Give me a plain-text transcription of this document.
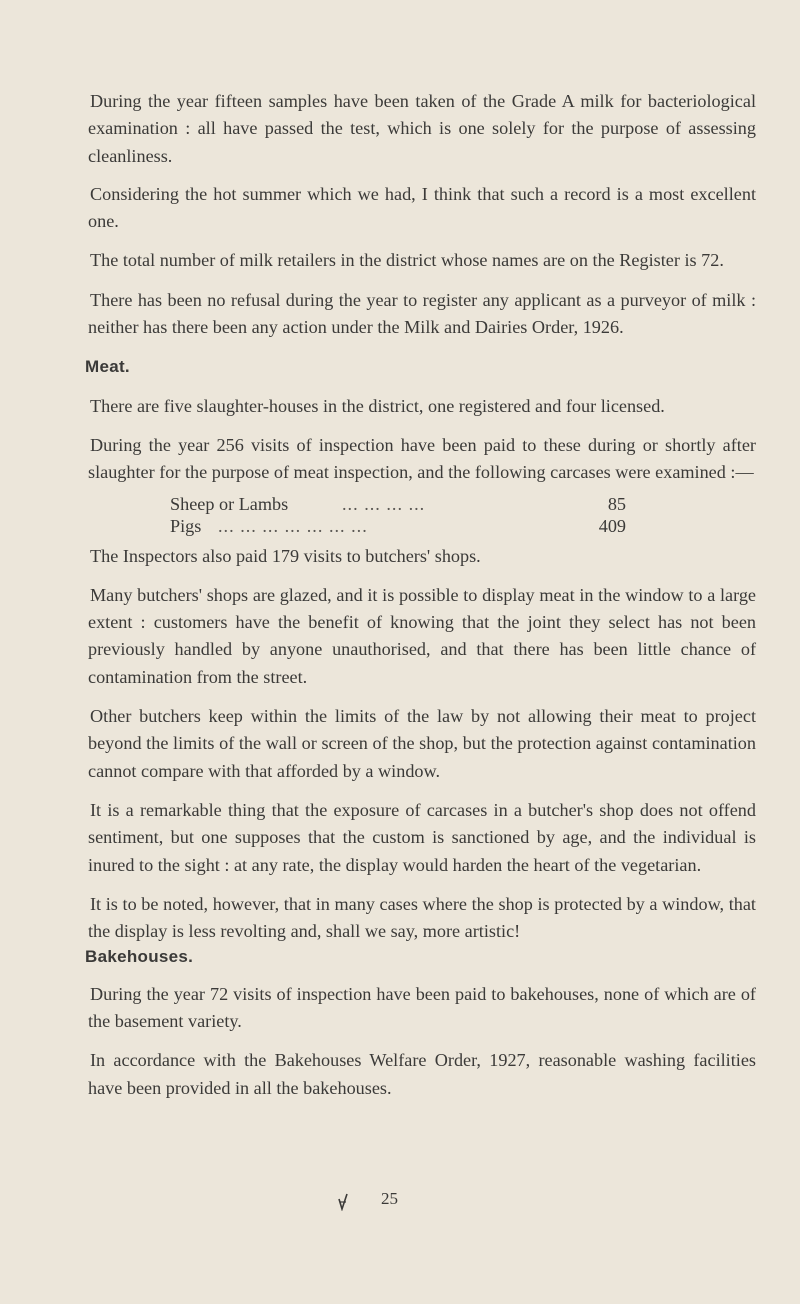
During the year fifteen samples have been taken of the Grade A milk for bacteriological examination : all have passed the test, which is one solely for the purpose of assessing cleanliness.

Considering the hot summer which we had, I think that such a record is a most excellent one.

The total number of milk retailers in the district whose names are on the Register is 72.

There has been no refusal during the year to register any applicant as a purveyor of milk : neither has there been any action under the Milk and Dairies Order, 1926.

Meat.

There are five slaughter-houses in the district, one registered and four licensed.

During the year 256 visits of inspection have been paid to these during or shortly after slaughter for the purpose of meat inspection, and the following carcases were examined :—

Sheep or Lambs	... ... ... ...	85
Pigs ... ... ... ... ... ... ...	409

The Inspectors also paid 179 visits to butchers' shops.

Many butchers' shops are glazed, and it is possible to display meat in the window to a large extent : customers have the benefit of knowing that the joint they select has not been previously handled by anyone unauthorised, and that there has been little chance of contamination from the street.

Other butchers keep within the limits of the law by not allowing their meat to project beyond the limits of the wall or screen of the shop, but the protection against contamination cannot compare with that afforded by a window.

It is a remarkable thing that the exposure of carcases in a butcher's shop does not offend sentiment, but one supposes that the custom is sanctioned by age, and the individual is inured to the sight : at any rate, the display would harden the heart of the vegetarian.

It is to be noted, however, that in many cases where the shop is protected by a window, that the display is less revolting and, shall we say, more artistic!

Bakehouses.

During the year 72 visits of inspection have been paid to bakehouses, none of which are of the basement variety.

In accordance with the Bakehouses Welfare Order, 1927, reasonable washing facilities have been provided in all the bakehouses.

25
